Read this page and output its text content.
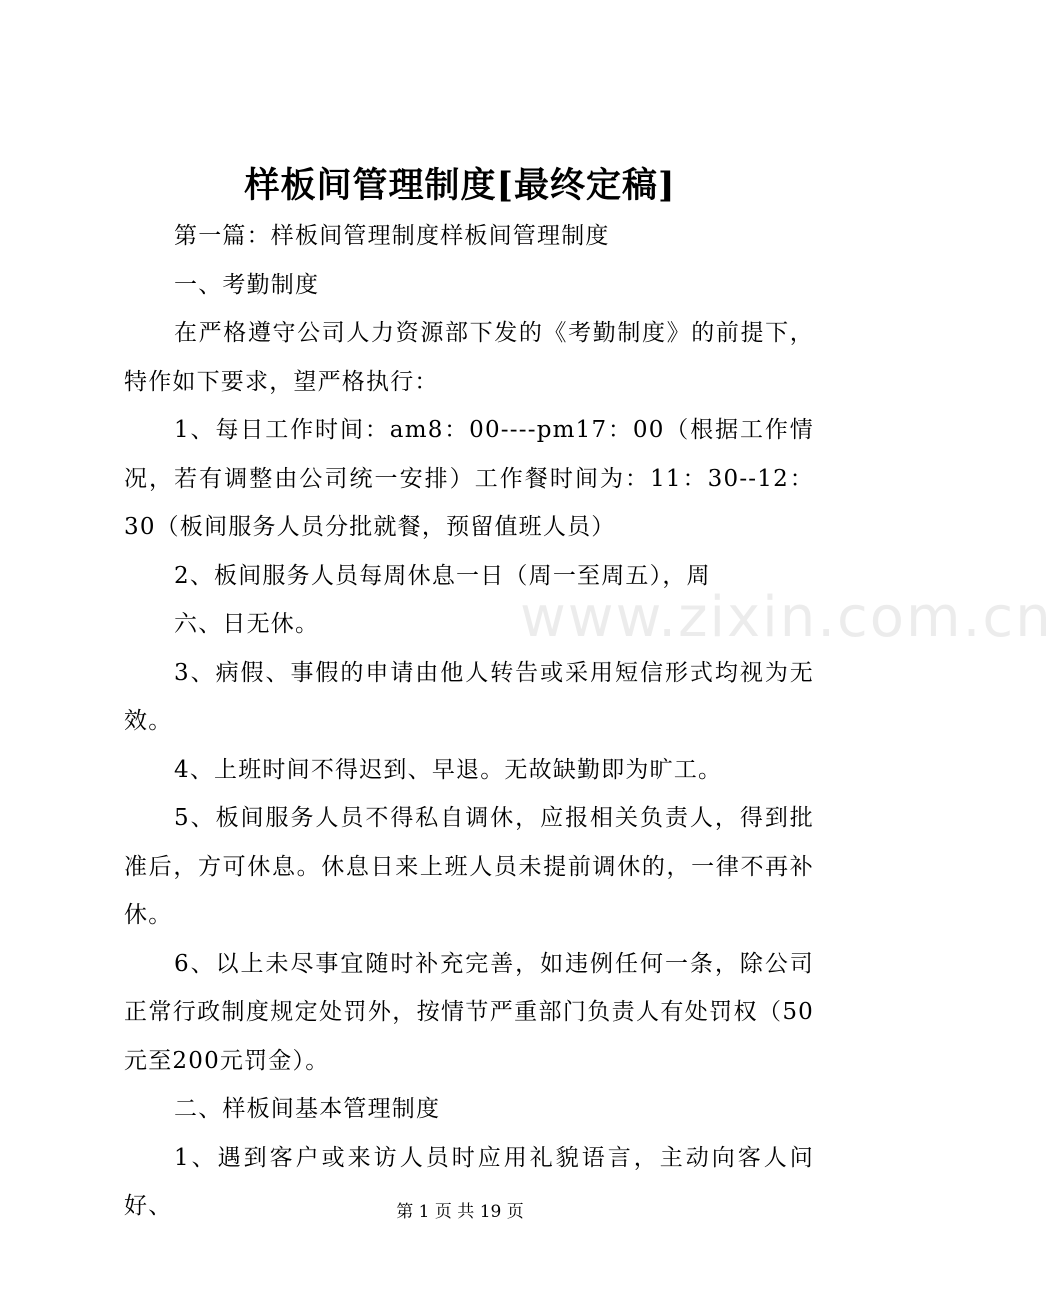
样板间管理制度[最终定稿]

第一篇：样板间管理制度样板间管理制度

一、考勤制度

在严格遵守公司人力资源部下发的《考勤制度》的前提下，特作如下要求，望严格执行：

1、每日工作时间：am8：00----pm17：00（根据工作情况，若有调整由公司统一安排）工作餐时间为：11：30--12：30（板间服务人员分批就餐，预留值班人员）

2、板间服务人员每周休息一日（周一至周五），周

六、日无休。

3、病假、事假的申请由他人转告或采用短信形式均视为无效。

4、上班时间不得迟到、早退。无故缺勤即为旷工。

5、板间服务人员不得私自调休，应报相关负责人，得到批准后，方可休息。休息日来上班人员未提前调休的，一律不再补休。

6、以上未尽事宜随时补充完善，如违例任何一条，除公司正常行政制度规定处罚外，按情节严重部门负责人有处罚权（50元至200元罚金）。

二、样板间基本管理制度

1、遇到客户或来访人员时应用礼貌语言，主动向客人问好、

www.zixin.com.cn
第 1 页 共 19 页
